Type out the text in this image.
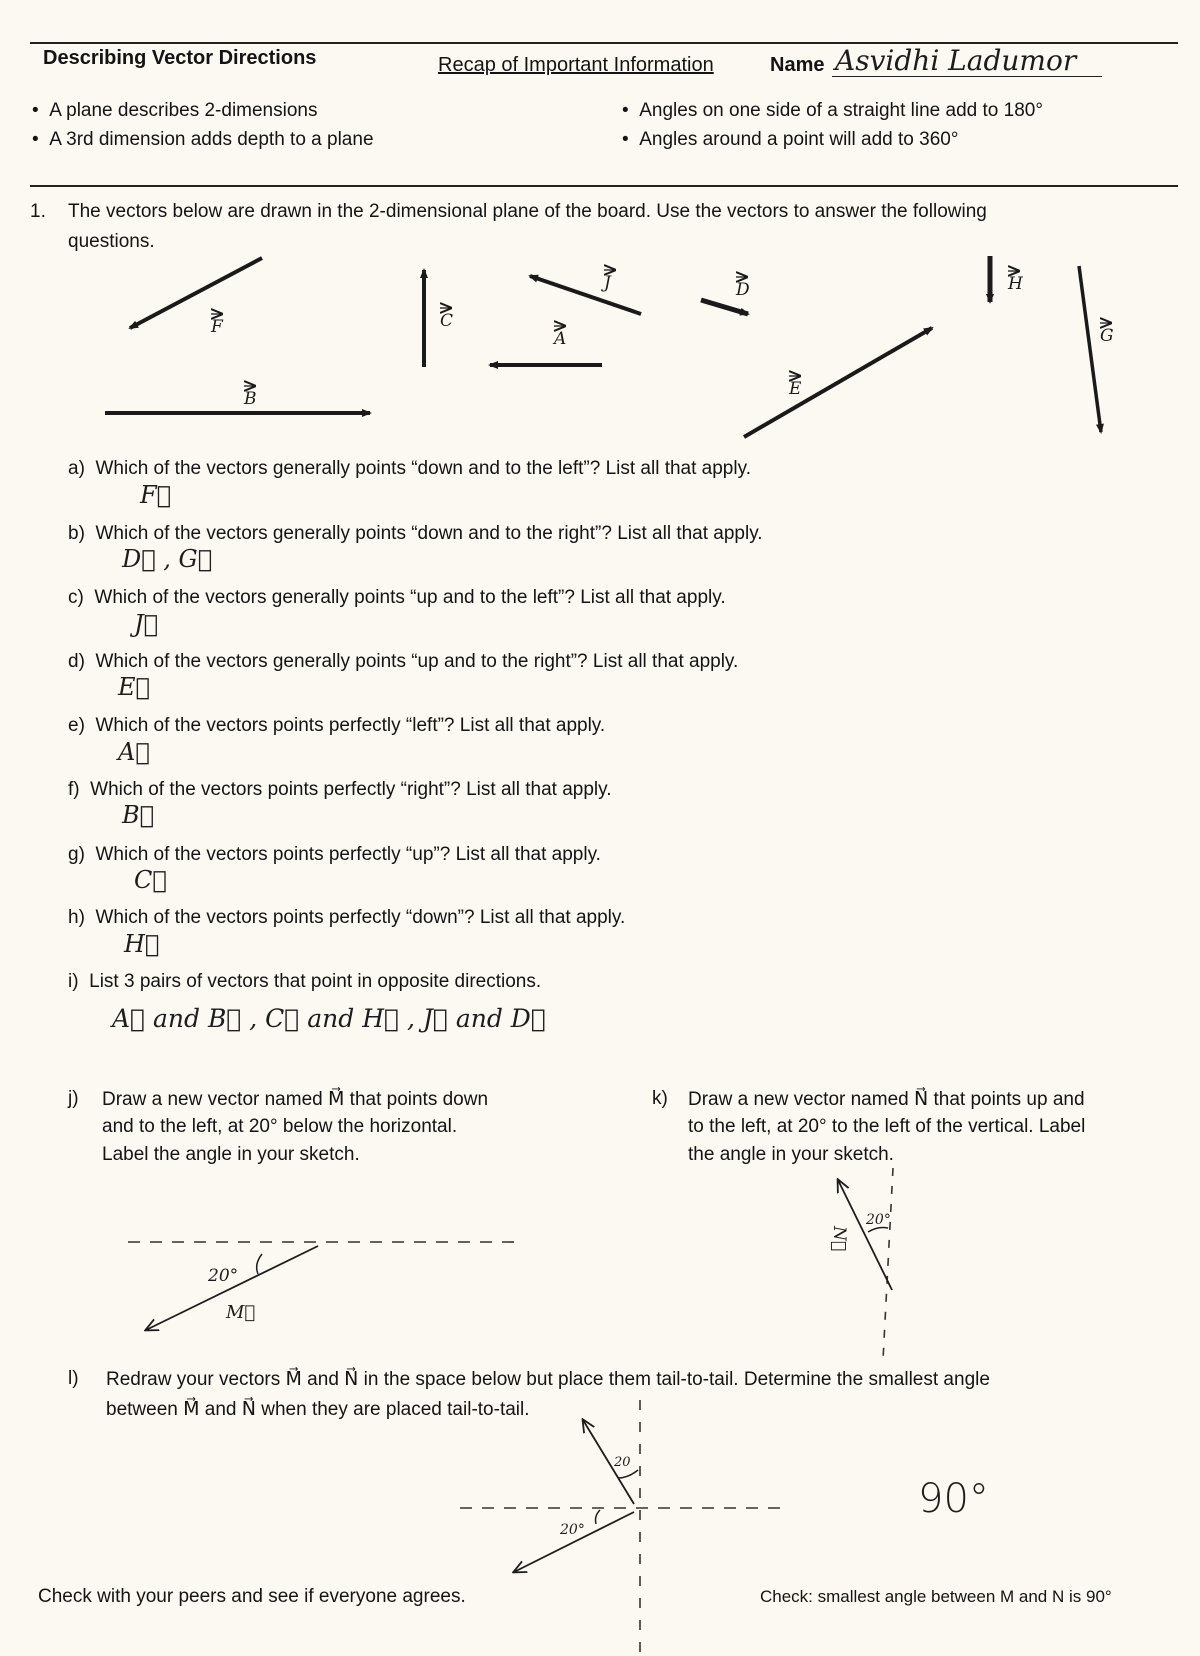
Describing Vector Directions	Recap of Important Information	Name Asvidhi Ladumor
•  A plane describes 2-dimensions
•  A 3rd dimension adds depth to a plane
•  Angles on one side of a straight line add to 180°
•  Angles around a point will add to 360°
1. The vectors below are drawn in the 2-dimensional plane of the board. Use the vectors to answer the following
questions.
F	C
J
A
D	H
G
B	E
a) Which of the vectors generally points “down and to the left”? List all that apply.
F⃗
b) Which of the vectors generally points “down and to the right”? List all that apply.
D⃗ , G⃗
c) Which of the vectors generally points “up and to the left”? List all that apply.
J⃗
d) Which of the vectors generally points “up and to the right”? List all that apply.
E⃗
e) Which of the vectors points perfectly “left”? List all that apply.
A⃗
f) Which of the vectors points perfectly “right”? List all that apply.
B⃗
g) Which of the vectors points perfectly “up”? List all that apply.
C⃗
h) Which of the vectors points perfectly “down”? List all that apply.
H⃗
i) List 3 pairs of vectors that point in opposite directions.
A⃗ and B⃗ , C⃗ and H⃗ , J⃗ and D⃗
j) Draw a new vector named M⃗ that points down
and to the left, at 20° below the horizontal.
Label the angle in your sketch.
k) Draw a new vector named N⃗ that points up and
to the left, at 20° to the left of the vertical. Label
the angle in your sketch.
20°
M⃗
20°
N⃗
20
20°
l) Redraw your vectors M⃗ and N⃗ in the space below but place them tail-to-tail. Determine the smallest angle
between M⃗ and N⃗ when they are placed tail-to-tail.
90°
Check with your peers and see if everyone agrees.	Check: smallest angle between M and N is 90°
